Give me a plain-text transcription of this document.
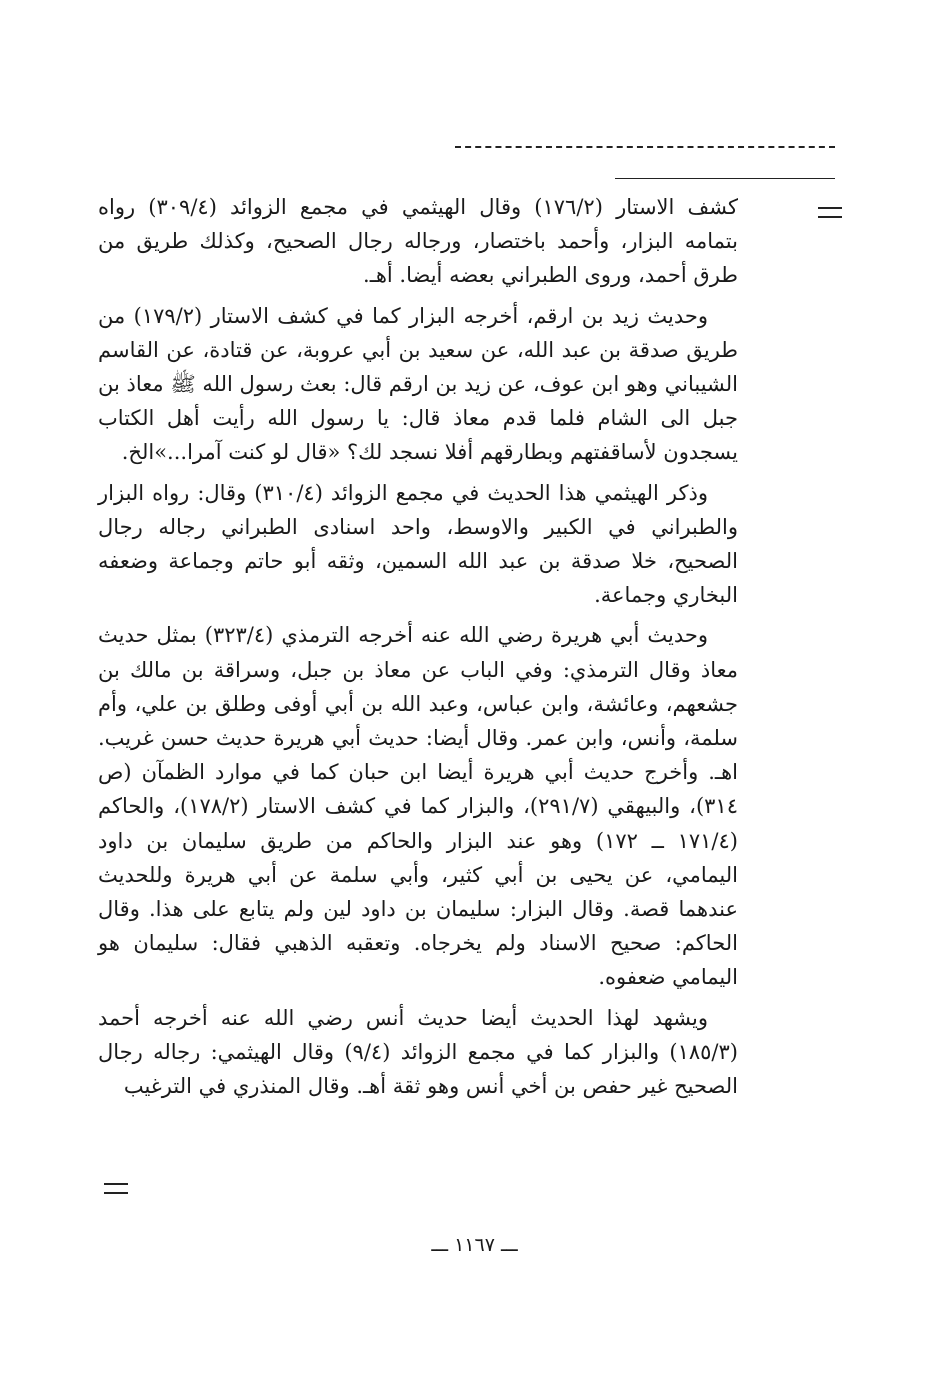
كشف الاستار (١٧٦/٢) وقال الهيثمي في مجمع الزوائد (٣٠٩/٤) رواه بتمامه البزار، وأحمد باختصار، ورجاله رجال الصحيح، وكذلك طريق من طرق أحمد، وروى الطبراني بعضه أيضا. أهـ.

وحديث زيد بن ارقم، أخرجه البزار كما في كشف الاستار (١٧٩/٢) من طريق صدقة بن عبد الله، عن سعيد بن أبي عروبة، عن قتادة، عن القاسم الشيباني وهو ابن عوف، عن زيد بن ارقم قال: بعث رسول الله ﷺ معاذ بن جبل الى الشام فلما قدم معاذ قال: يا رسول الله رأيت أهل الكتاب يسجدون لأساقفتهم وبطارقهم أفلا نسجد لك؟ «قال لو كنت آمرا...»الخ.

وذكر الهيثمي هذا الحديث في مجمع الزوائد (٣١٠/٤) وقال: رواه البزار والطبراني في الكبير والاوسط، واحد اسنادى الطبراني رجاله رجال الصحيح، خلا صدقة بن عبد الله السمين، وثقه أبو حاتم وجماعة وضعفه البخاري وجماعة.

وحديث أبي هريرة رضي الله عنه أخرجه الترمذي (٣٢٣/٤) بمثل حديث معاذ وقال الترمذي: وفي الباب عن معاذ بن جبل، وسراقة بن مالك بن جشعهم، وعائشة، وابن عباس، وعبد الله بن أبي أوفى وطلق بن علي، وأم سلمة، وأنس، وابن عمر. وقال أيضا: حديث أبي هريرة حديث حسن غريب. اهـ. وأخرج حديث أبي هريرة أيضا ابن حبان كما في موارد الظمآن (ص ٣١٤)، والبيهقي (٢٩١/٧)، والبزار كما في كشف الاستار (١٧٨/٢)، والحاكم (١٧١/٤ ــ ١٧٢) وهو عند البزار والحاكم من طريق سليمان بن داود اليمامي، عن يحيى بن أبي كثير، وأبي سلمة عن أبي هريرة وللحديث عندهما قصة. وقال البزار: سليمان بن داود لين ولم يتابع على هذا. وقال الحاكم: صحيح الاسناد ولم يخرجاه. وتعقبه الذهبي فقال: سليمان هو اليمامي ضعفوه.

ويشهد لهذا الحديث أيضا حديث أنس رضي الله عنه أخرجه أحمد (١٨٥/٣) والبزار كما في مجمع الزوائد (٩/٤) وقال الهيثمي: رجاله رجال الصحيح غير حفص بن أخي أنس وهو ثقة أهـ. وقال المنذري في الترغيب

ـــ ١١٦٧ ـــ
